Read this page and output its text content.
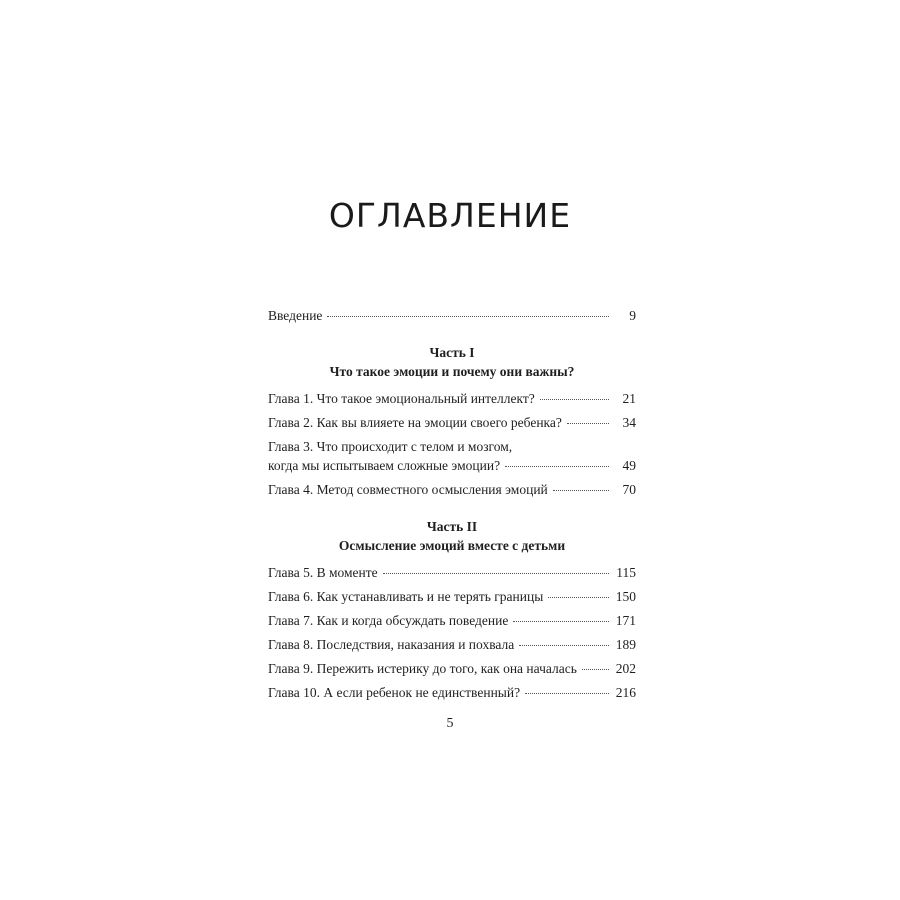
ОГЛАВЛЕНИЕ
Введение	9
Часть I
Что такое эмоции и почему они важны?
Глава 1. Что такое эмоциональный интеллект?	21
Глава 2. Как вы влияете на эмоции своего ребенка?	34
Глава 3. Что происходит с телом и мозгом,
когда мы испытываем сложные эмоции?	49
Глава 4. Метод совместного осмысления эмоций	70
Часть II
Осмысление эмоций вместе с детьми
Глава 5. В моменте	115
Глава 6. Как устанавливать и не терять границы	150
Глава 7. Как и когда обсуждать поведение	171
Глава 8. Последствия, наказания и похвала	189
Глава 9. Пережить истерику до того, как она началась	202
Глава 10. А если ребенок не единственный?	216
5
